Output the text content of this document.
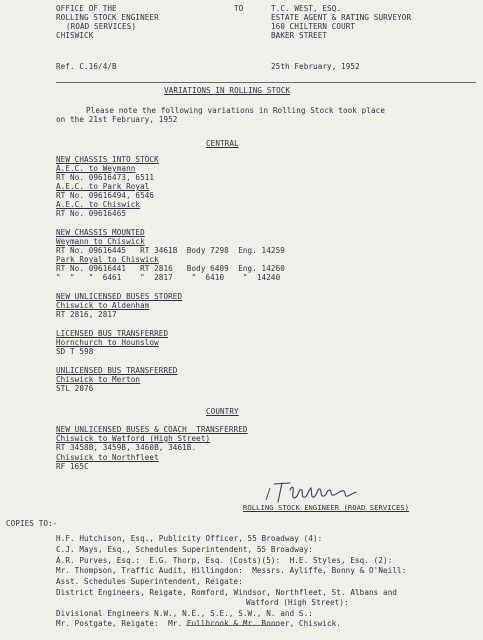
OFFICE OF THE
ROLLING STOCK ENGINEER
(ROAD SERVICES)
CHISWICK
TO	T.C. WEST, ESQ.
ESTATE AGENT & RATING SURVEYOR
160 CHILTERN COURT
BAKER STREET
Ref. C.16/4/B	25th February, 1952
VARIATIONS IN ROLLING STOCK
Please note the following variations in Rolling Stock took place
on the 21st February, 1952
CENTRAL
NEW CHASSIS INTO STOCK
A.E.C. to Weymann
RT No. 09616473, 6511
A.E.C. to Park Royal
RT No. 09616494, 6546
A.E.C. to Chiswick
RT No. 09616465
NEW CHASSIS MOUNTED
Weymann to Chiswick
RT No. 09616445   RT 3461B  Body 7298  Eng. 14259
Park Royal to Chiswick
RT No. 09616441   RT 2816   Body 6409  Eng. 14260
"  "   "  6461    "  2817    "  6410    "  14240
NEW UNLICENSED BUSES STORED
Chiswick to Aldenham
RT 2816, 2817
LICENSED BUS TRANSFERRED
Hornchurch to Hounslow
SD T 598
UNLICENSED BUS TRANSFERRED
Chiswick to Merton
STL 2076
COUNTRY
NEW UNLICENSED BUSES & COACH  TRANSFERRED
Chiswick to Watford (High Street)
RT 3458B, 3459B, 3460B, 3461B.
Chiswick to Northfleet
RF 165C
ROLLING STOCK ENGINEER (ROAD SERVICES)
COPIES TO:-
H.F. Hutchison, Esq., Publicity Officer, 55 Broadway (4):
C.J. Mays, Esq., Schedules Superintendent, 55 Broadway:
A.R. Purves, Esq.:  E.G. Thorp, Esq. (Costs)(5):  H.E. Styles, Esq. (2):
Mr. Thompson, Traffic Audit, Hillingdon:  Messrs. Ayliffe, Bonny & O'Neill:
Asst. Schedules Superintendent, Reigate:
District Engineers, Reigate, Romford, Windsor, Northfleet, St. Albans and
Watford (High Street):
Divisional Engineers N.W., N.E., S.E., S.W., N. and S.:
Mr. Postgate, Reigate:  Mr. Fullbrook & Mr. Bonner, Chiswick.
